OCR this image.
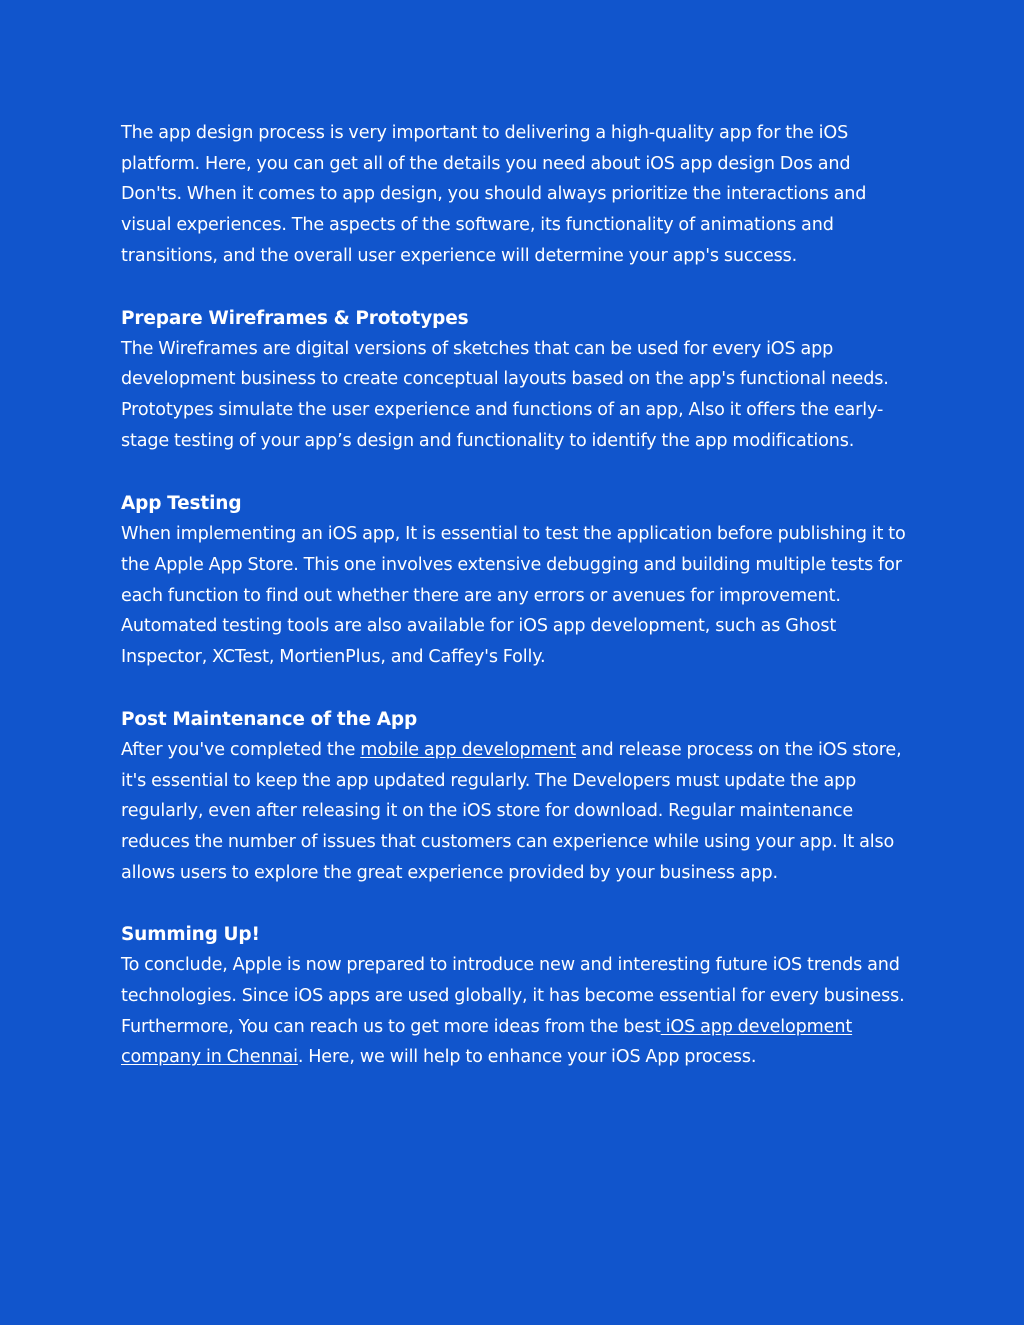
The app design process is very important to delivering a high-quality app for the iOS platform. Here, you can get all of the details you need about iOS app design Dos and Don'ts. When it comes to app design, you should always prioritize the interactions and visual experiences. The aspects of the software, its functionality of animations and transitions, and the overall user experience will determine your app's success.

Prepare Wireframes & Prototypes

The Wireframes are digital versions of sketches that can be used for every iOS app development business to create conceptual layouts based on the app's functional needs. Prototypes simulate the user experience and functions of an app, Also it offers the early-stage testing of your app’s design and functionality to identify the app modifications.

App Testing

When implementing an iOS app, It is essential to test the application before publishing it to the Apple App Store. This one involves extensive debugging and building multiple tests for each function to find out whether there are any errors or avenues for improvement. Automated testing tools are also available for iOS app development, such as Ghost Inspector, XCTest, MortienPlus, and Caffey's Folly.

Post Maintenance of the App

After you've completed the mobile app development and release process on the iOS store, it's essential to keep the app updated regularly. The Developers must update the app regularly, even after releasing it on the iOS store for download. Regular maintenance reduces the number of issues that customers can experience while using your app. It also allows users to explore the great experience provided by your business app.

Summing Up!

To conclude, Apple is now prepared to introduce new and interesting future iOS trends and technologies. Since iOS apps are used globally, it has become essential for every business. Furthermore, You can reach us to get more ideas from the best iOS app development company in Chennai. Here, we will help to enhance your iOS App process.
